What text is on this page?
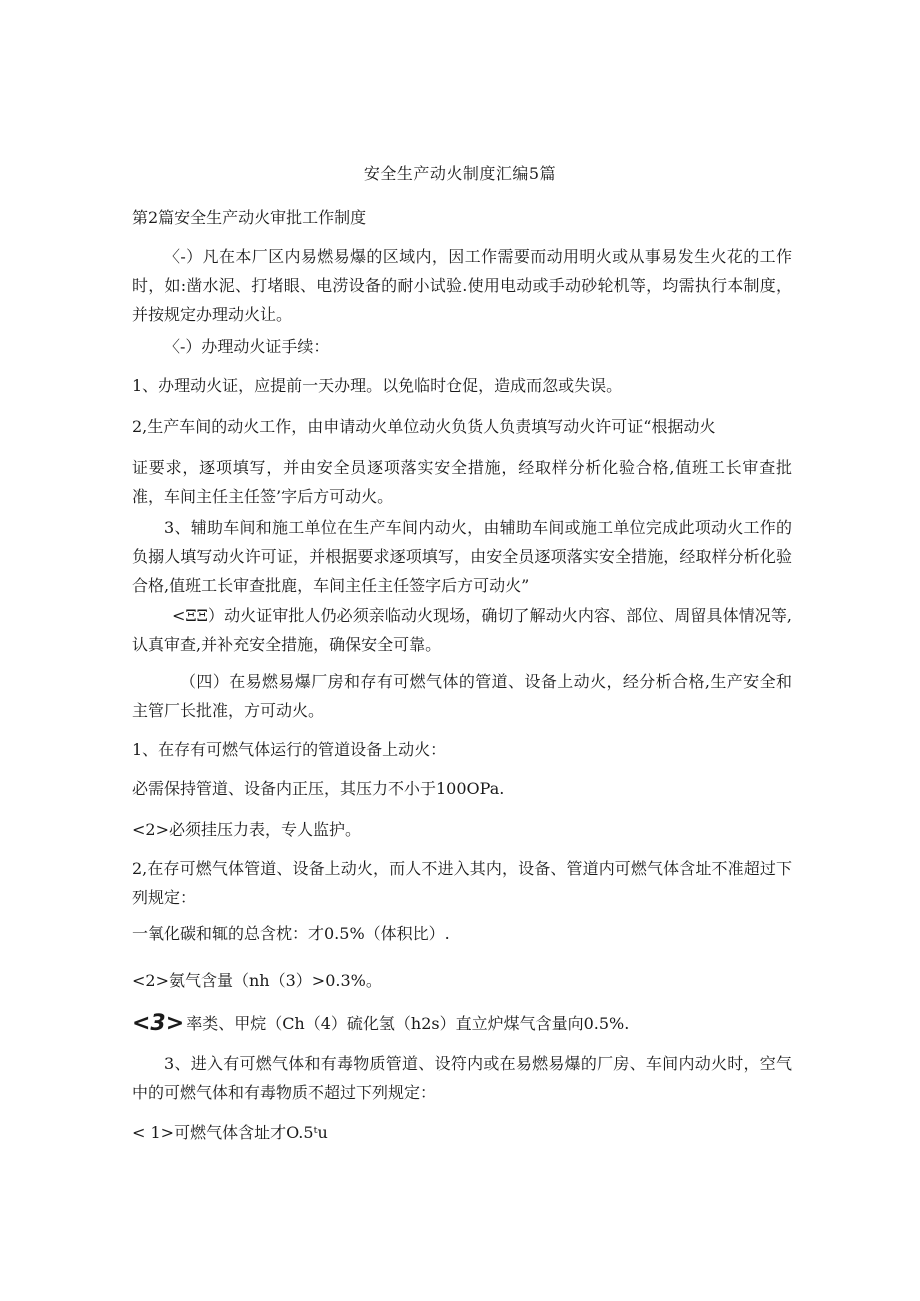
安全生产动火制度汇编5篇

第2篇安全生产动火审批工作制度

〈-）凡在本厂区内易燃易爆的区域内，因工作需要而动用明火或从事易发生火花的工作时，如:凿水泥、打堵眼、电涝设备的耐小试验.使用电动或手动砂轮机等，均需执行本制度，并按规定办理动火让。

〈-）办理动火证手续：

1、办理动火证，应提前一天办理。以免临时仓促，造成而忽或失误。

2,生产车间的动火工作，由申请动火单位动火负货人负责填写动火许可证“根据动火

证要求，逐项填写，并由安全员逐项落实安全措施，经取样分析化验合格,值班工长审查批准，车间主任主任签’字后方可动火。

3、辅助车间和施工单位在生产车间内动火，由辅助车间或施工单位完成此项动火工作的负搦人填写动火许可证，并根据要求逐项填写，由安全员逐项落实安全措施，经取样分析化验合格,值班工长审查批鹿，车间主任主任签字后方可动火”

<ΞΞ）动火证审批人仍必须亲临动火现场，确切了解动火内容、部位、周留具体情况等,认真审查,并补充安全措施，确保安全可靠。

（四）在易燃易爆厂房和存有可燃气体的管道、设备上动火，经分析合格,生产安全和主管厂长批准，方可动火。

1、在存有可燃气体运行的管道设备上动火：

必需保持管道、设备内正压，其压力不小于100OPa.

<2>必须挂压力表，专人监护。

2,在存可燃气体管道、设备上动火，而人不进入其内，设备、管道内可燃气体含址不准超过下列规定：

一氧化碳和辄的总含枕：才0.5%（体积比）.

<2>氨气含量（nh（3）>0.3%。

<3> 率类、甲烷（Ch（4）硫化氢（h2s）直立炉煤气含量向0.5%.

3、进入有可燃气体和有毒物质管道、设符内或在易燃易爆的厂房、车间内动火时，空气中的可燃气体和有毒物质不超过下列规定：

< 1>可燃气体含址才O.5ᵗu
